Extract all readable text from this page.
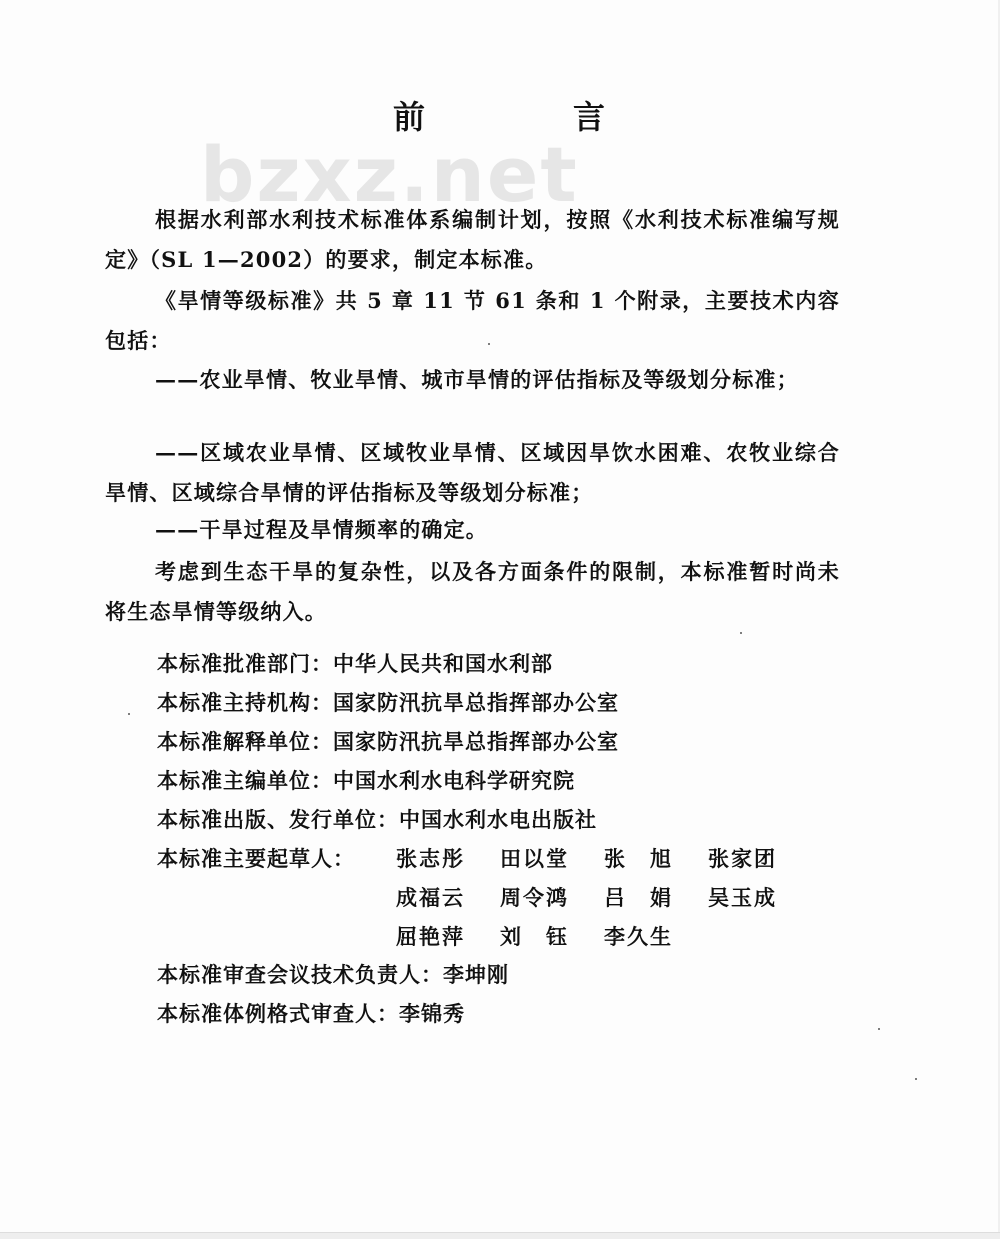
bzxz.net
前　言

根据水利部水利技术标准体系编制计划，按照《水利技术标准编写规定》（SL 1—2002）的要求，制定本标准。

《旱情等级标准》共 5 章 11 节 61 条和 1 个附录，主要技术内容包括：

——农业旱情、牧业旱情、城市旱情的评估指标及等级划分标准；

——区域农业旱情、区域牧业旱情、区域因旱饮水困难、农牧业综合旱情、区域综合旱情的评估指标及等级划分标准；

——干旱过程及旱情频率的确定。

考虑到生态干旱的复杂性，以及各方面条件的限制，本标准暂时尚未将生态旱情等级纳入。

本标准批准部门：中华人民共和国水利部
本标准主持机构：国家防汛抗旱总指挥部办公室
本标准解释单位：国家防汛抗旱总指挥部办公室
本标准主编单位：中国水利水电科学研究院
本标准出版、发行单位：中国水利水电出版社
本标准主要起草人： 张志彤 田以堂 张　旭 张家团
成福云 周令鸿 吕　娟 吴玉成
屈艳萍 刘　钰 李久生
本标准审查会议技术负责人：李坤刚
本标准体例格式审查人：李锦秀
